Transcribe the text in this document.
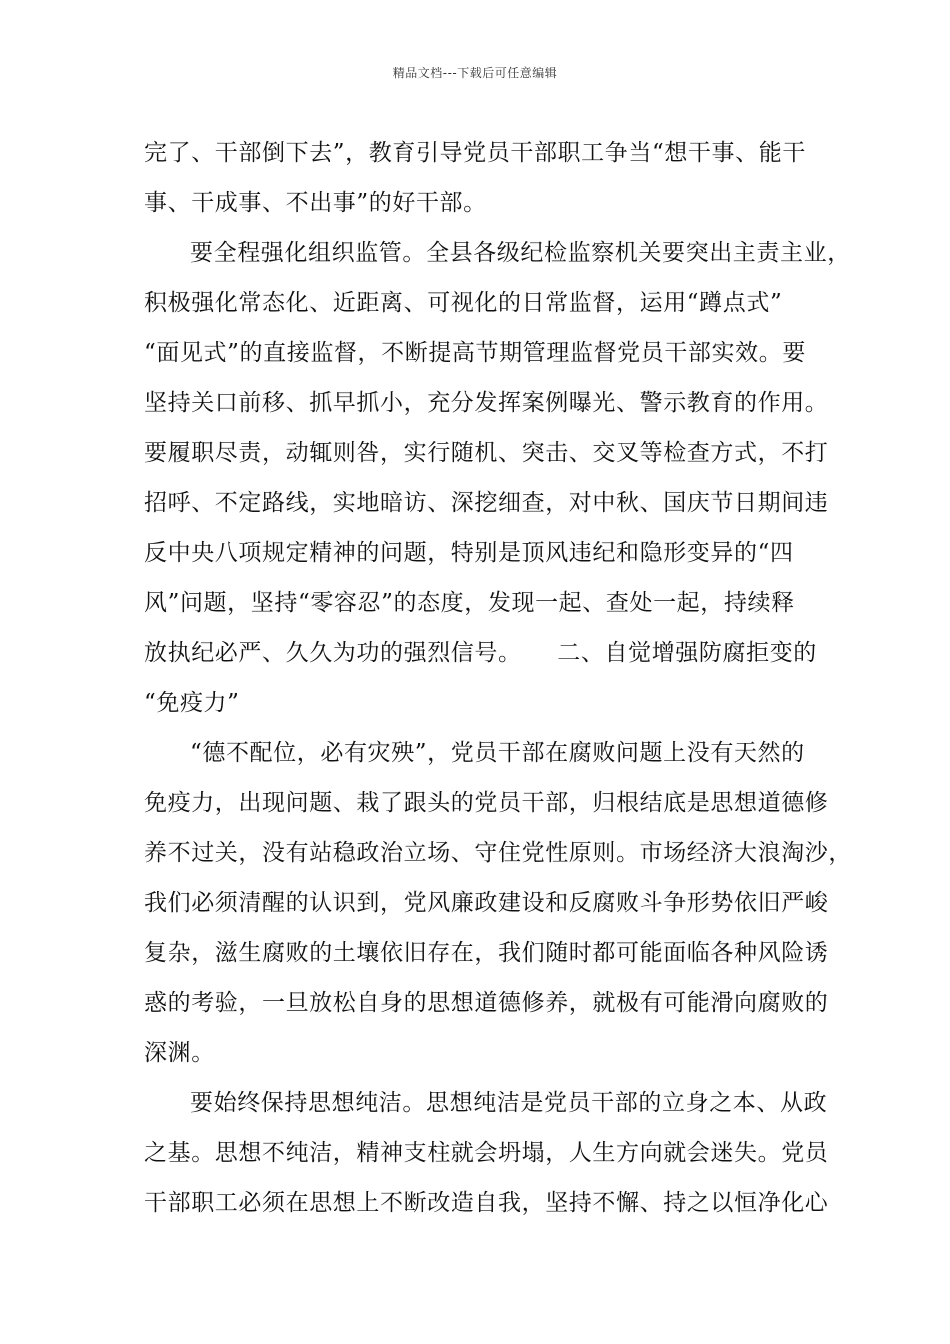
精品文档---下载后可任意编辑
完了、干部倒下去”，教育引导党员干部职工争当“想干事、能干
事、干成事、不出事”的好干部。
要全程强化组织监管。全县各级纪检监察机关要突出主责主业，
积极强化常态化、近距离、可视化的日常监督，运用“蹲点式”
“面见式”的直接监督，不断提高节期管理监督党员干部实效。要
坚持关口前移、抓早抓小，充分发挥案例曝光、警示教育的作用。
要履职尽责，动辄则咎，实行随机、突击、交叉等检查方式，不打
招呼、不定路线，实地暗访、深挖细查，对中秋、国庆节日期间违
反中央八项规定精神的问题，特别是顶风违纪和隐形变异的“四
风”问题，坚持“零容忍”的态度，发现一起、查处一起，持续释
放执纪必严、久久为功的强烈信号。　　二、自觉增强防腐拒变的
“免疫力”
“德不配位，必有灾殃”，党员干部在腐败问题上没有天然的
免疫力，出现问题、栽了跟头的党员干部，归根结底是思想道德修
养不过关，没有站稳政治立场、守住党性原则。市场经济大浪淘沙，
我们必须清醒的认识到，党风廉政建设和反腐败斗争形势依旧严峻
复杂，滋生腐败的土壤依旧存在，我们随时都可能面临各种风险诱
惑的考验，一旦放松自身的思想道德修养，就极有可能滑向腐败的
深渊。
要始终保持思想纯洁。思想纯洁是党员干部的立身之本、从政
之基。思想不纯洁，精神支柱就会坍塌，人生方向就会迷失。党员
干部职工必须在思想上不断改造自我，坚持不懈、持之以恒净化心
